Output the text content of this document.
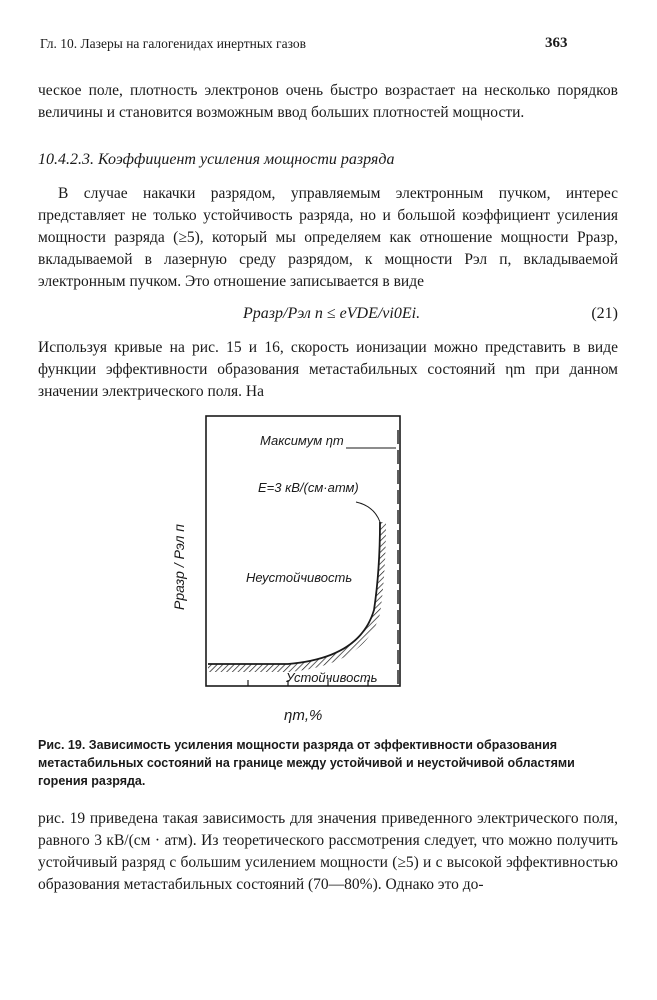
Гл. 10. Лазеры на галогенидах инертных газов	363

ческое поле, плотность электронов очень быстро возрастает на несколько порядков величины и становится возможным ввод больших плотностей мощности.

10.4.2.3. Коэффициент усиления мощности разряда

В случае накачки разрядом, управляемым электронным пучком, интерес представляет не только устойчивость разряда, но и большой коэффициент усиления мощности разряда (≥5), который мы определяем как отношение мощности Pразр, вкладываемой в лазерную среду разрядом, к мощности Pэл п, вкладываемой электронным пучком. Это отношение записывается в виде

Pразр/Pэл п ≤ eVDE/vi0Ei.	(21)

Используя кривые на рис. 15 и 16, скорость ионизации можно представить в виде функции эффективности образования метастабильных состояний ηm при данном значении электрического поля. На

Максимум ηm
E=3 кВ/(см·атм)
Неустойчивость
Устойчивость
Pразр / Pэл п
ηm,%

Рис. 19. Зависимость усиления мощности разряда от эффективности образования метастабильных состояний на границе между устойчивой и неустойчивой областями горения разряда.

рис. 19 приведена такая зависимость для значения приведенного электрического поля, равного 3 кВ/(см · атм). Из теоретического рассмотрения следует, что можно получить устойчивый разряд с большим усилением мощности (≥5) и с высокой эффективностью образования метастабильных состояний (70—80%). Однако это до-
